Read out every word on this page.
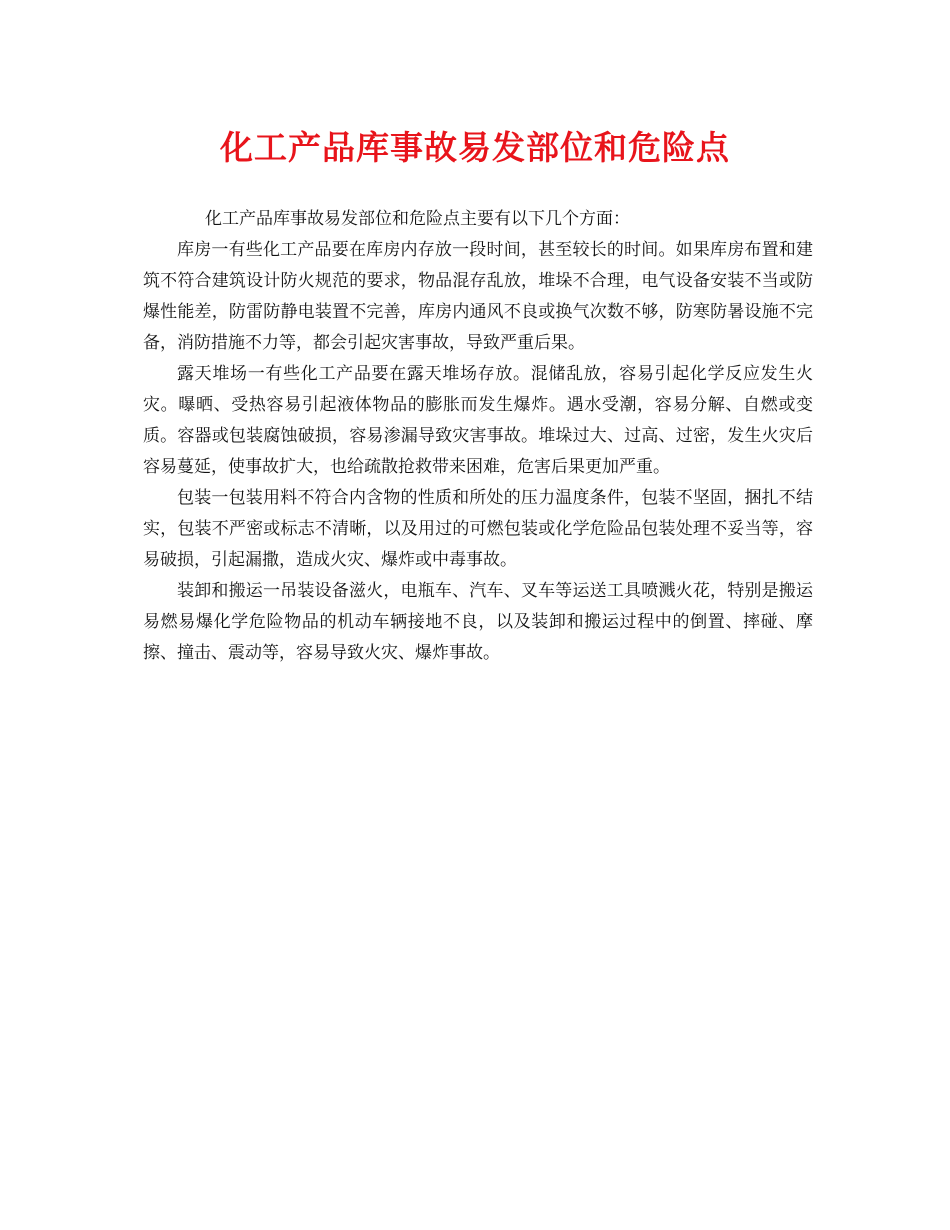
化工产品库事故易发部位和危险点

化工产品库事故易发部位和危险点主要有以下几个方面：

库房一有些化工产品要在库房内存放一段时间，甚至较长的时间。如果库房布置和建筑不符合建筑设计防火规范的要求，物品混存乱放，堆垛不合理，电气设备安装不当或防爆性能差，防雷防静电装置不完善，库房内通风不良或换气次数不够，防寒防暑设施不完备，消防措施不力等，都会引起灾害事故，导致严重后果。

露天堆场一有些化工产品要在露天堆场存放。混储乱放，容易引起化学反应发生火灾。曝晒、受热容易引起液体物品的膨胀而发生爆炸。遇水受潮，容易分解、自燃或变质。容器或包装腐蚀破损，容易渗漏导致灾害事故。堆垛过大、过高、过密，发生火灾后容易蔓延，使事故扩大，也给疏散抢救带来困难，危害后果更加严重。

包装一包装用料不符合内含物的性质和所处的压力温度条件，包装不坚固，捆扎不结实，包装不严密或标志不清晰，以及用过的可燃包装或化学危险品包装处理不妥当等，容易破损，引起漏撒，造成火灾、爆炸或中毒事故。

装卸和搬运一吊装设备滋火，电瓶车、汽车、叉车等运送工具喷溅火花，特别是搬运易燃易爆化学危险物品的机动车辆接地不良，以及装卸和搬运过程中的倒置、摔碰、摩擦、撞击、震动等，容易导致火灾、爆炸事故。
